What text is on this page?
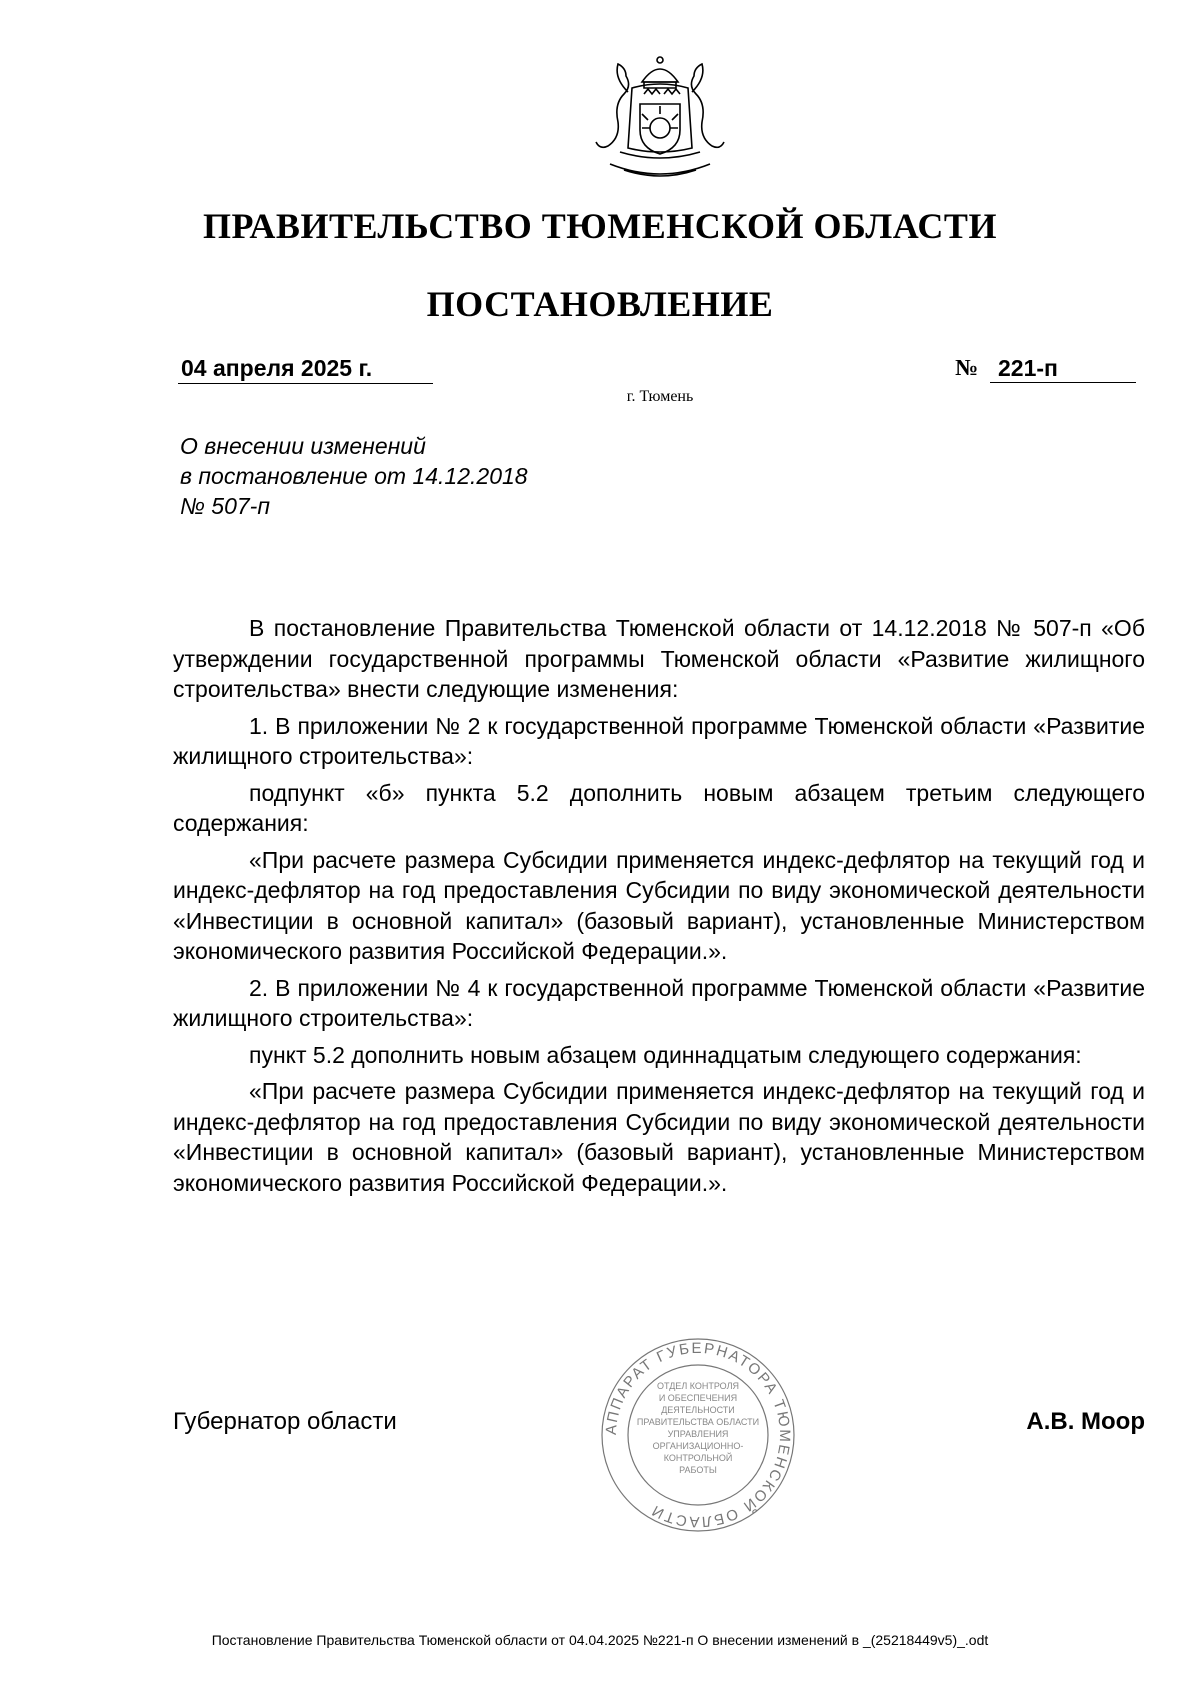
ПРАВИТЕЛЬСТВО ТЮМЕНСКОЙ ОБЛАСТИ
ПОСТАНОВЛЕНИЕ
04 апреля 2025 г.	№ 221-п
г. Тюмень
О внесении изменений
в постановление от 14.12.2018
№ 507-п

В постановление Правительства Тюменской области от 14.12.2018 № 507-п «Об утверждении государственной программы Тюменской области «Развитие жилищного строительства» внести следующие изменения:

1. В приложении № 2 к государственной программе Тюменской области «Развитие жилищного строительства»:

подпункт «б» пункта 5.2 дополнить новым абзацем третьим следующего содержания:

«При расчете размера Субсидии применяется индекс-дефлятор на текущий год и индекс-дефлятор на год предоставления Субсидии по виду экономической деятельности «Инвестиции в основной капитал» (базовый вариант), установленные Министерством экономического развития Российской Федерации.».

2. В приложении № 4 к государственной программе Тюменской области «Развитие жилищного строительства»:

пункт 5.2 дополнить новым абзацем одиннадцатым следующего содержания:

«При расчете размера Субсидии применяется индекс-дефлятор на текущий год и индекс-дефлятор на год предоставления Субсидии по виду экономической деятельности «Инвестиции в основной капитал» (базовый вариант), установленные Министерством экономического развития Российской Федерации.».

АППАРАТ ГУБЕРНАТОРА ТЮМЕНСКОЙ ОБЛАСТИ
ОТДЕЛ КОНТРОЛЯ
И ОБЕСПЕЧЕНИЯ
ДЕЯТЕЛЬНОСТИ
ПРАВИТЕЛЬСТВА ОБЛАСТИ
УПРАВЛЕНИЯ
ОРГАНИЗАЦИОННО-
КОНТРОЛЬНОЙ
РАБОТЫ
Губернатор области	А.В. Моор
Постановление Правительства Тюменской области от 04.04.2025 №221-п О внесении изменений в _(25218449v5)_.odt
